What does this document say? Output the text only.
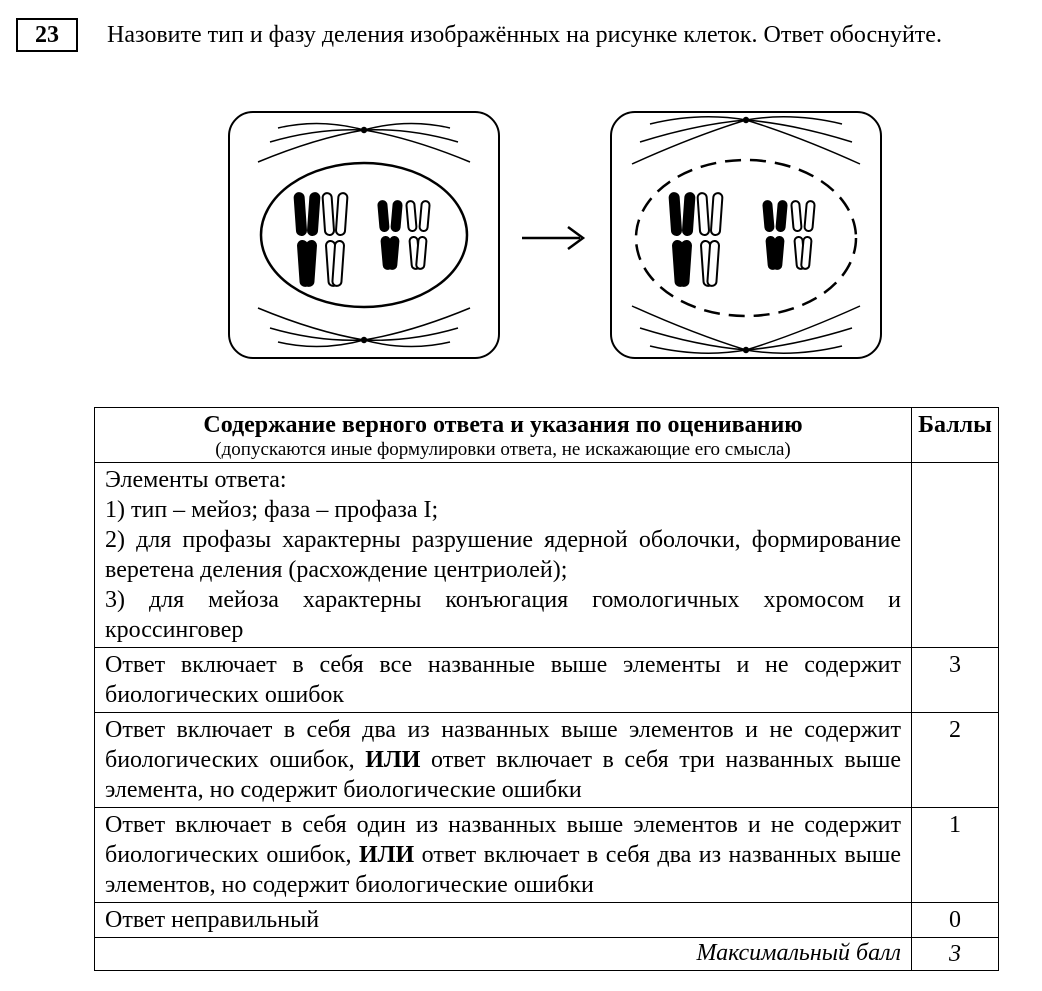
23	Назовите тип и фазу деления изображённых на рисунке клеток. Ответ обоснуйте.
Содержание верного ответа и указания по оцениванию
(допускаются иные формулировки ответа, не искажающие его смысла)	Баллы

Элементы ответа:
1) тип – мейоз; фаза – профаза I;
2) для профазы характерны разрушение ядерной оболочки, формирование веретена деления (расхождение центриолей);
3) для мейоза характерны конъюгация гомологичных хромосом и кроссинговер	

Ответ включает в себя все названные выше элементы и не содержит биологических ошибок	3
Ответ включает в себя два из названных выше элементов и не содержит биологических ошибок, ИЛИ ответ включает в себя три названных выше элемента, но содержит биологические ошибки	2
Ответ включает в себя один из названных выше элементов и не содержит биологических ошибок, ИЛИ ответ включает в себя два из названных выше элементов, но содержит биологические ошибки	1
Ответ неправильный	0
Максимальный балл	3
